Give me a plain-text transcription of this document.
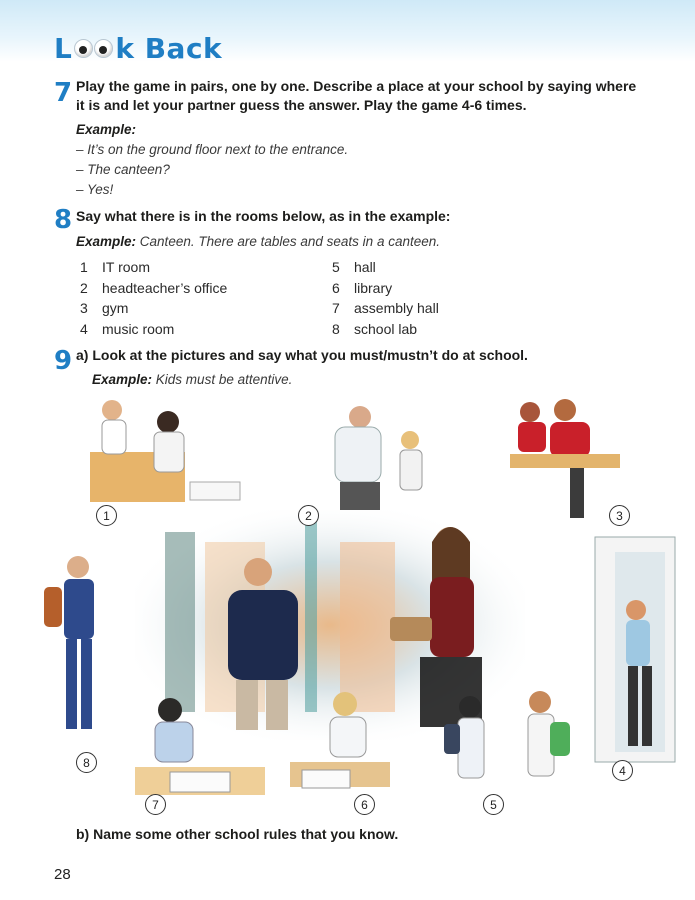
L k Back
7 Play the game in pairs, one by one. Describe a place at your school by saying where
it is and let your partner guess the answer. Play the game 4-6 times.
Example:
– It’s on the ground floor next to the entrance.
– The canteen?
– Yes!
8 Say what there is in the rooms below, as in the example:
Example: Canteen. There are tables and seats in a canteen.
1	IT room
2	headteacher’s office
3	gym
4	music room
5	hall
6	library
7	assembly hall
8	school lab
9 a) Look at the pictures and say what you must/mustn’t do at school.
Example: Kids must be attentive.
1	2	3
4
5
6
7
8
b) Name some other school rules that you know.
28
